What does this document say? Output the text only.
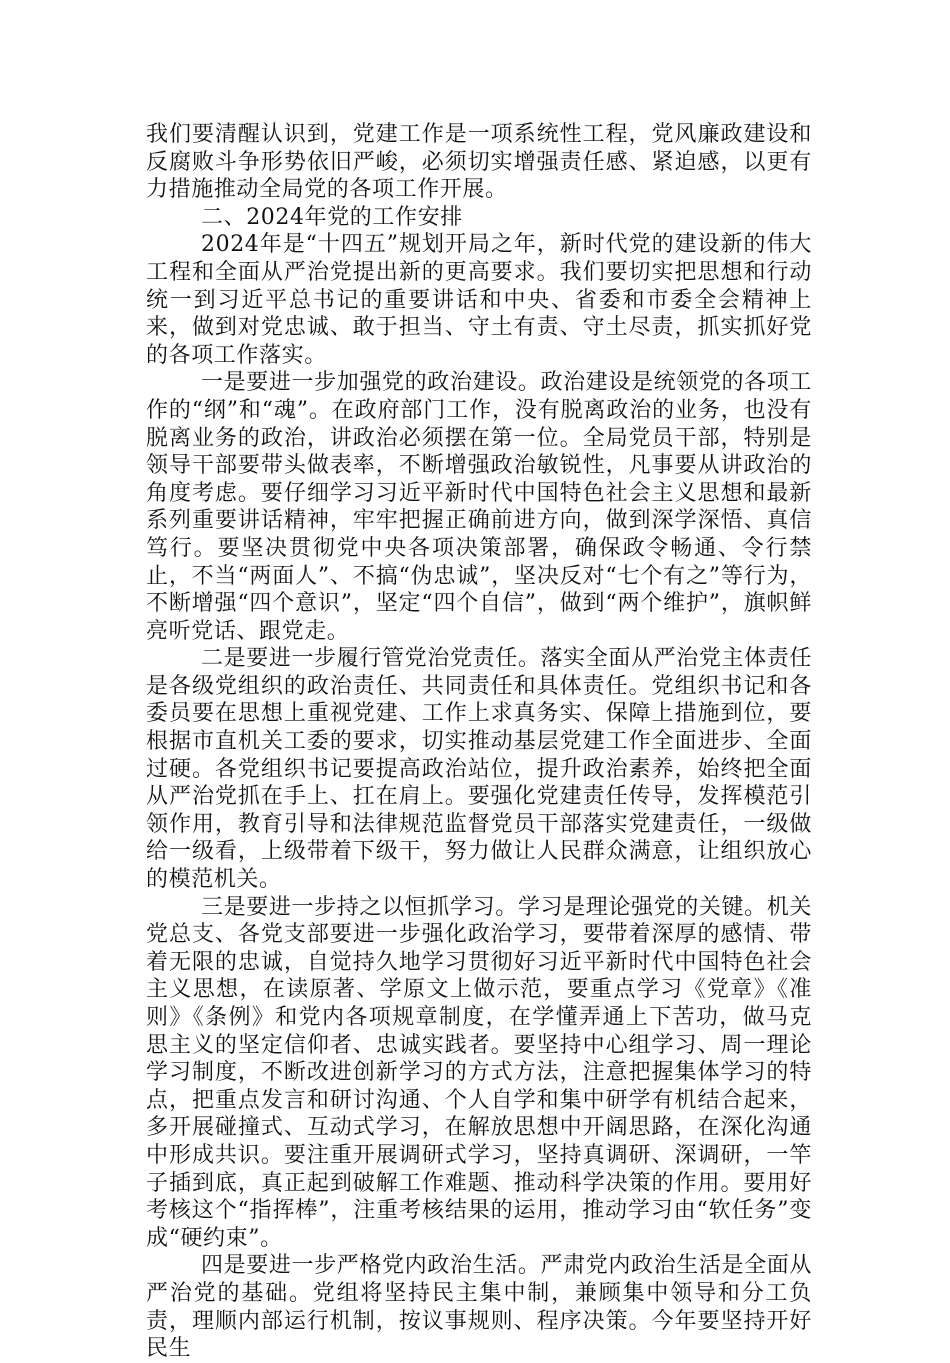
我们要清醒认识到，党建工作是一项系统性工程，党风廉政建设和反腐败斗争形势依旧严峻，必须切实增强责任感、紧迫感，以更有力措施推动全局党的各项工作开展。

二、2024年党的工作安排

2024年是“十四五”规划开局之年，新时代党的建设新的伟大工程和全面从严治党提出新的更高要求。我们要切实把思想和行动统一到习近平总书记的重要讲话和中央、省委和市委全会精神上来，做到对党忠诚、敢于担当、守土有责、守土尽责，抓实抓好党的各项工作落实。

一是要进一步加强党的政治建设。政治建设是统领党的各项工作的“纲”和“魂”。在政府部门工作，没有脱离政治的业务，也没有脱离业务的政治，讲政治必须摆在第一位。全局党员干部，特别是领导干部要带头做表率，不断增强政治敏锐性，凡事要从讲政治的角度考虑。要仔细学习习近平新时代中国特色社会主义思想和最新系列重要讲话精神，牢牢把握正确前进方向，做到深学深悟、真信笃行。要坚决贯彻党中央各项决策部署，确保政令畅通、令行禁止，不当“两面人”、不搞“伪忠诚”，坚决反对“七个有之”等行为，不断增强“四个意识”，坚定“四个自信”，做到“两个维护”，旗帜鲜亮听党话、跟党走。

二是要进一步履行管党治党责任。落实全面从严治党主体责任是各级党组织的政治责任、共同责任和具体责任。党组织书记和各委员要在思想上重视党建、工作上求真务实、保障上措施到位，要根据市直机关工委的要求，切实推动基层党建工作全面进步、全面过硬。各党组织书记要提高政治站位，提升政治素养，始终把全面从严治党抓在手上、扛在肩上。要强化党建责任传导，发挥模范引领作用，教育引导和法律规范监督党员干部落实党建责任，一级做给一级看，上级带着下级干，努力做让人民群众满意，让组织放心的模范机关。

三是要进一步持之以恒抓学习。学习是理论强党的关键。机关党总支、各党支部要进一步强化政治学习，要带着深厚的感情、带着无限的忠诚，自觉持久地学习贯彻好习近平新时代中国特色社会主义思想，在读原著、学原文上做示范，要重点学习《党章》《准则》《条例》和党内各项规章制度，在学懂弄通上下苦功，做马克思主义的坚定信仰者、忠诚实践者。要坚持中心组学习、周一理论学习制度，不断改进创新学习的方式方法，注意把握集体学习的特点，把重点发言和研讨沟通、个人自学和集中研学有机结合起来，多开展碰撞式、互动式学习，在解放思想中开阔思路，在深化沟通中形成共识。要注重开展调研式学习，坚持真调研、深调研，一竿子插到底，真正起到破解工作难题、推动科学决策的作用。要用好考核这个“指挥棒”，注重考核结果的运用，推动学习由“软任务”变成“硬约束”。

四是要进一步严格党内政治生活。严肃党内政治生活是全面从严治党的基础。党组将坚持民主集中制，兼顾集中领导和分工负责，理顺内部运行机制，按议事规则、程序决策。今年要坚持开好民生
